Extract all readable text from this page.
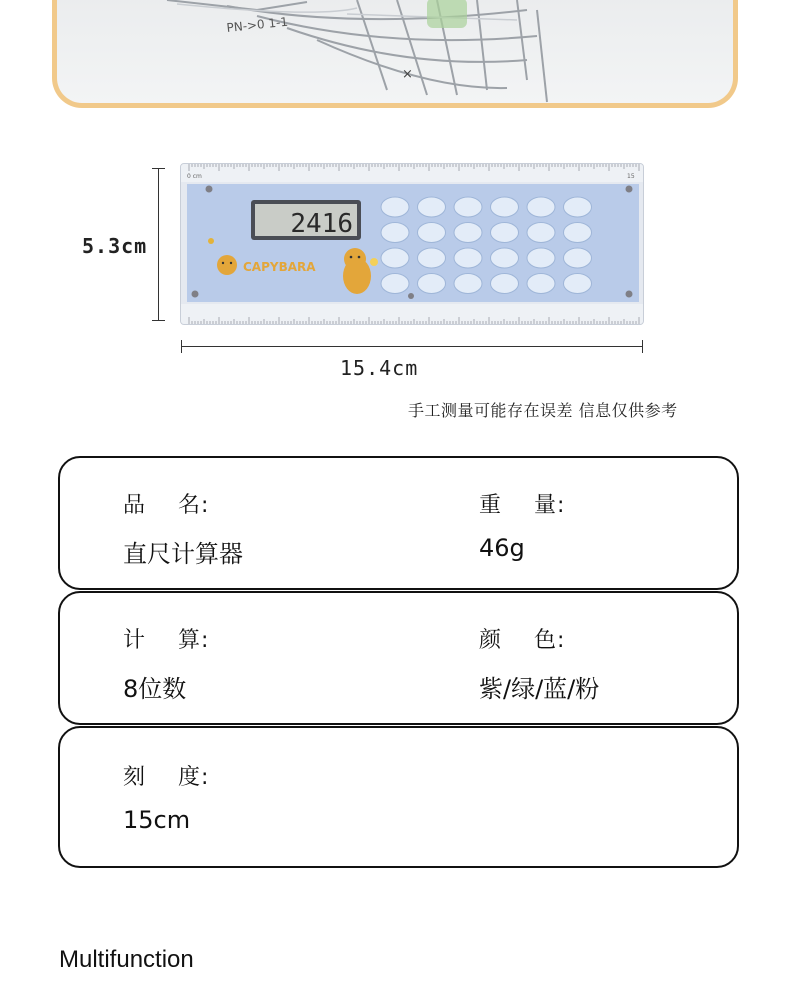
PN->0 1-1
×
5.3cm
15.4cm
0 cm	15
2416
CAPYBARA
手工测量可能存在误差 信息仅供参考
品    名:
直尺计算器
重    量:
46g
计    算:
8位数
颜    色:
紫/绿/蓝/粉
刻    度:
15cm
Multifunction
